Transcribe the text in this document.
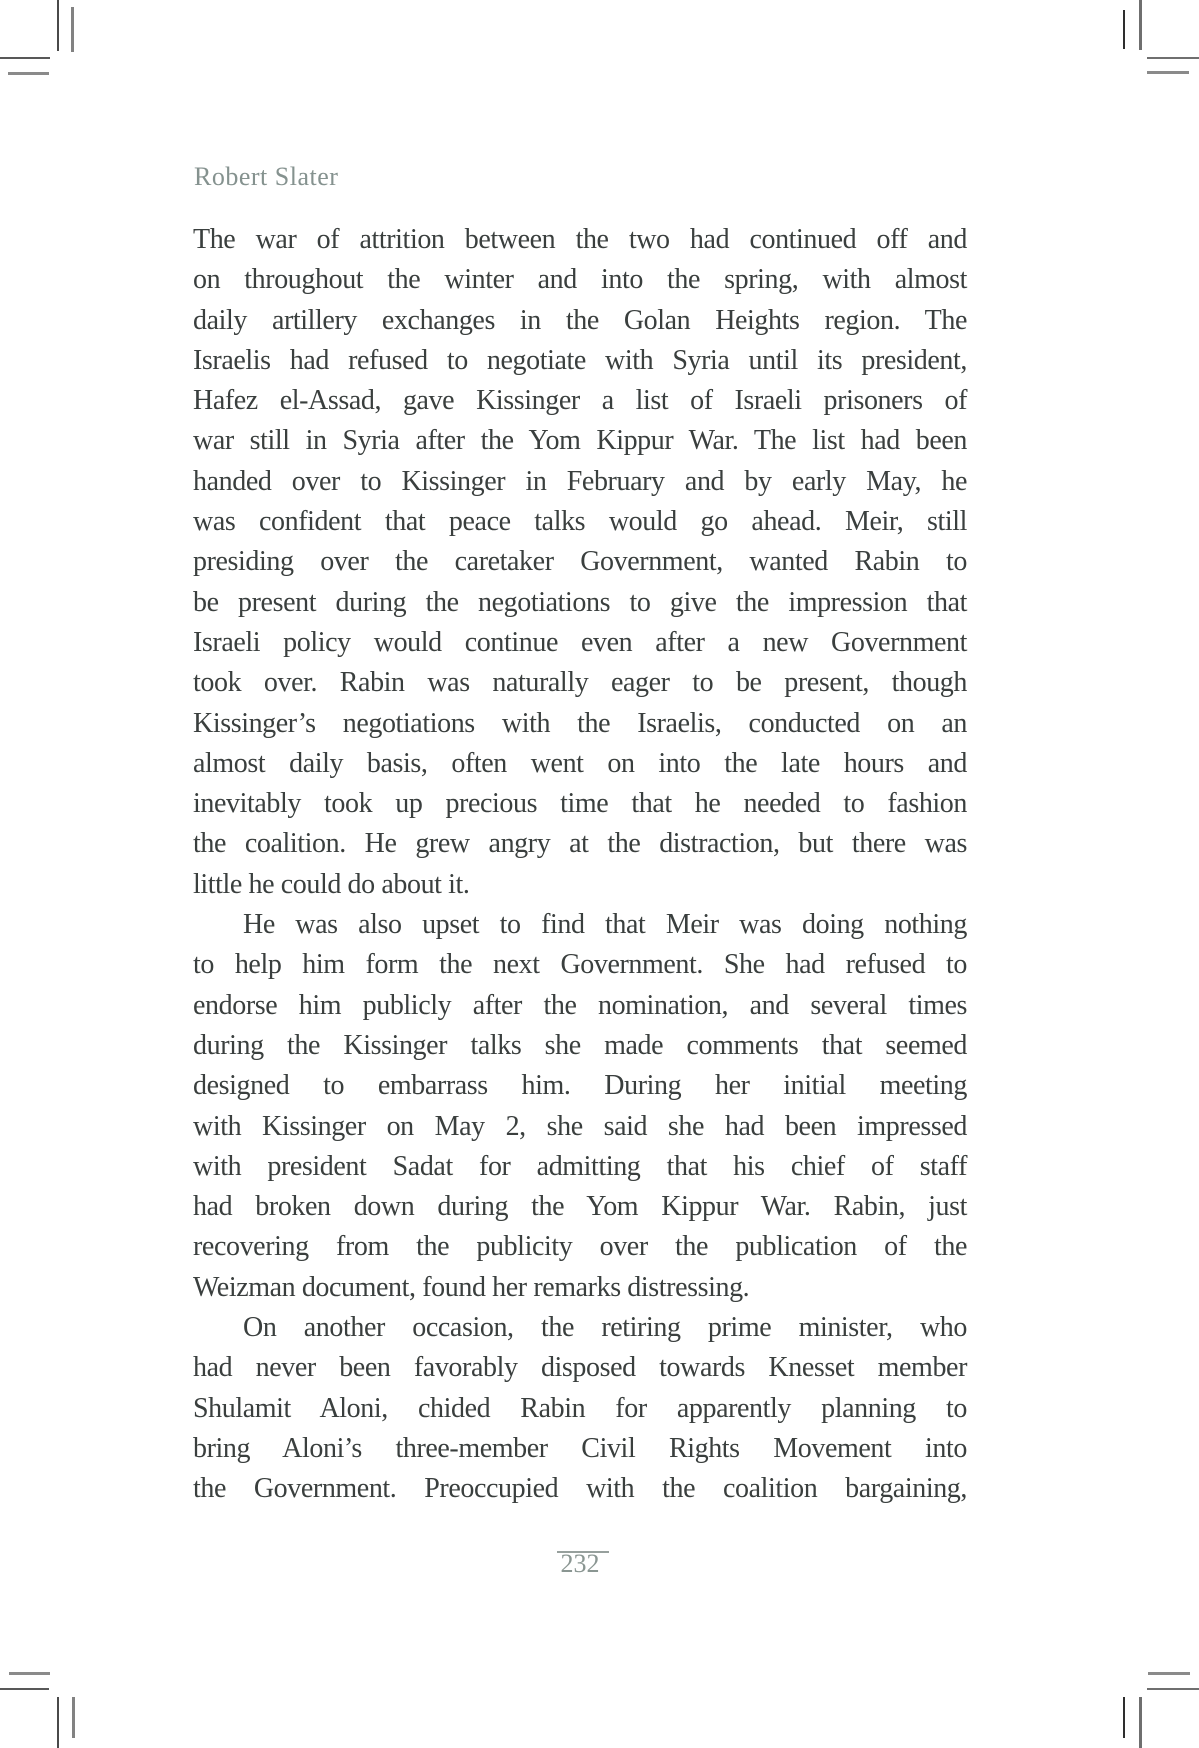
Robert Slater
The war of attrition between the two had continued off and
on throughout the winter and into the spring, with almost
daily artillery exchanges in the Golan Heights region. The
Israelis had refused to negotiate with Syria until its president,
Hafez el-Assad, gave Kissinger a list of Israeli prisoners of
war still in Syria after the Yom Kippur War. The list had been
handed over to Kissinger in February and by early May, he
was confident that peace talks would go ahead. Meir, still
presiding over the caretaker Government, wanted Rabin to
be present during the negotiations to give the impression that
Israeli policy would continue even after a new Government
took over. Rabin was naturally eager to be present, though
Kissinger’s negotiations with the Israelis, conducted on an
almost daily basis, often went on into the late hours and
inevitably took up precious time that he needed to fashion
the coalition. He grew angry at the distraction, but there was
little he could do about it.
He was also upset to find that Meir was doing nothing
to help him form the next Government. She had refused to
endorse him publicly after the nomination, and several times
during the Kissinger talks she made comments that seemed
designed to embarrass him. During her initial meeting
with Kissinger on May 2, she said she had been impressed
with president Sadat for admitting that his chief of staff
had broken down during the Yom Kippur War. Rabin, just
recovering from the publicity over the publication of the
Weizman document, found her remarks distressing.
On another occasion, the retiring prime minister, who
had never been favorably disposed towards Knesset member
Shulamit Aloni, chided Rabin for apparently planning to
bring Aloni’s three-member Civil Rights Movement into
the Government. Preoccupied with the coalition bargaining,
232
